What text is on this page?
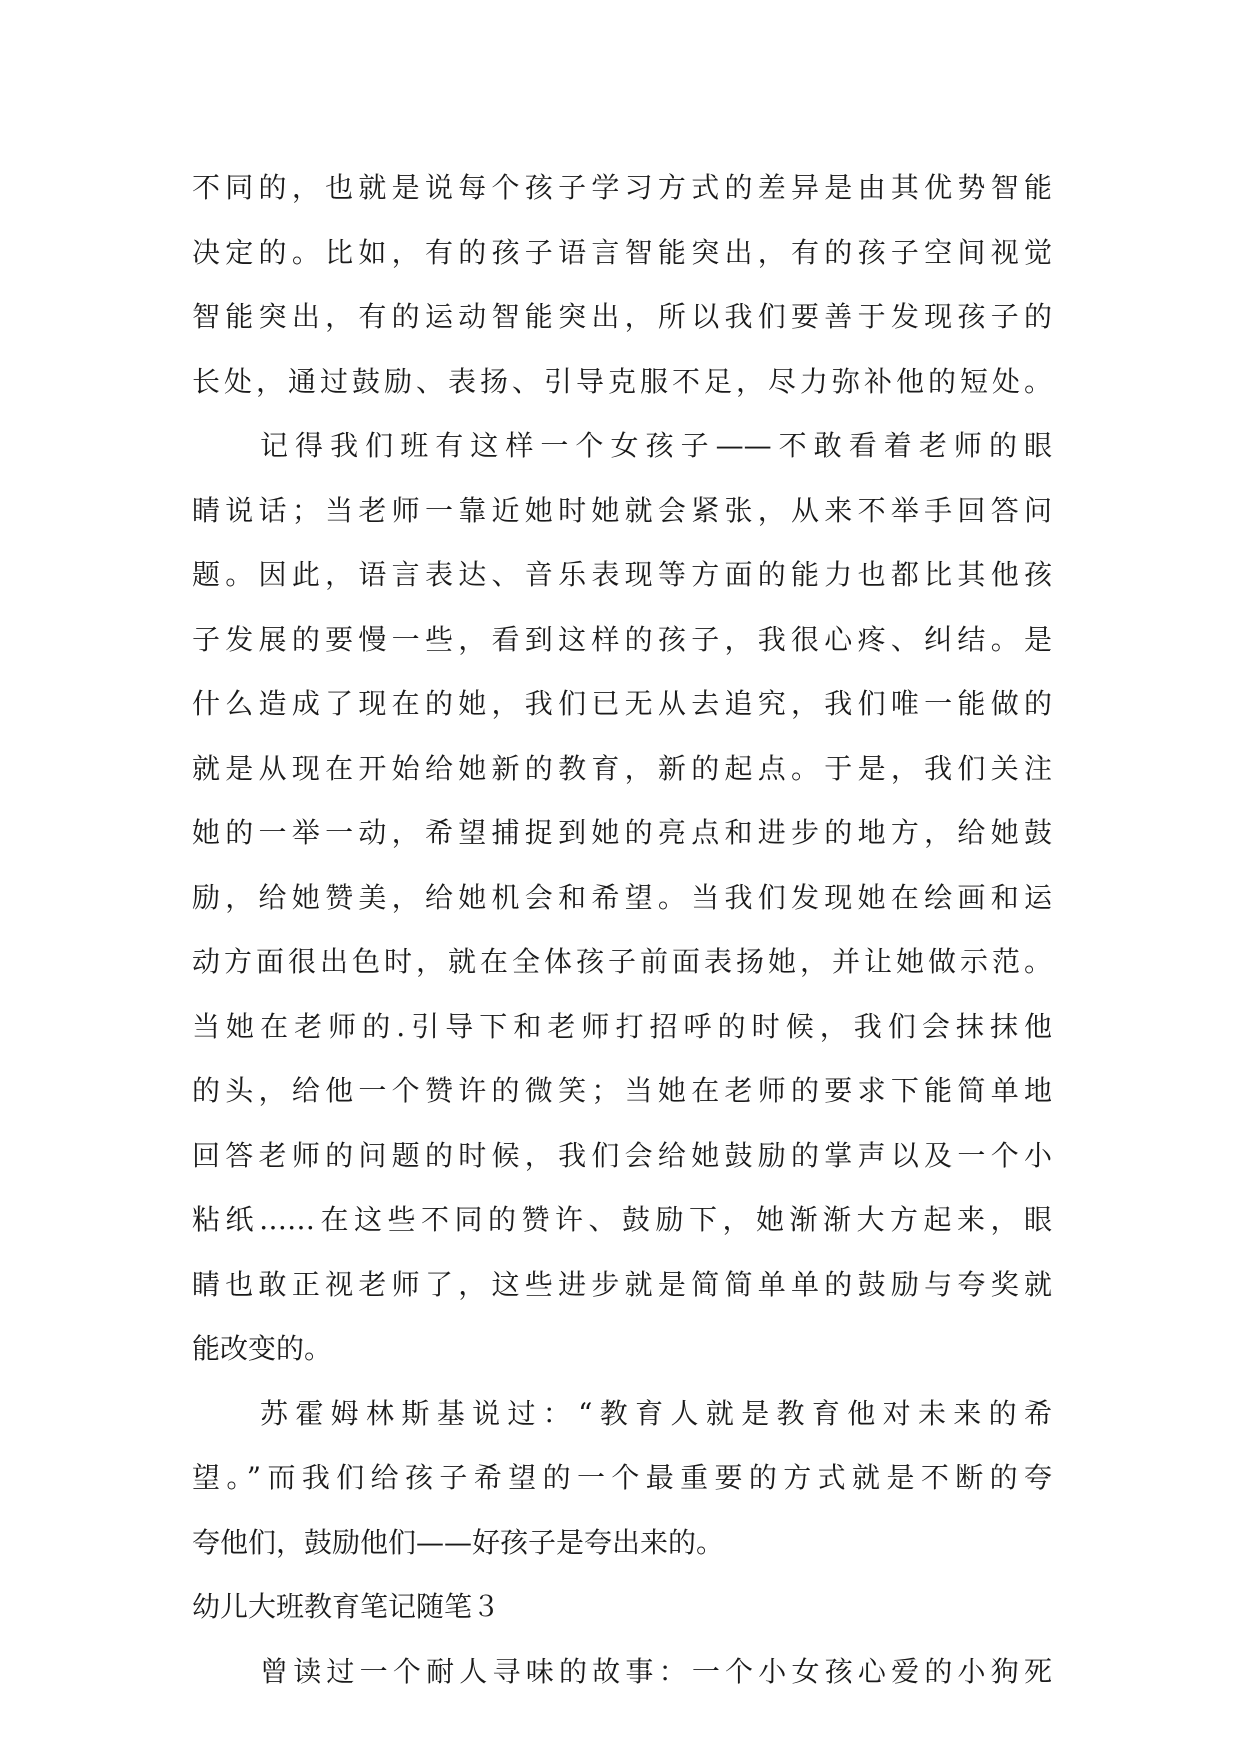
不同的，也就是说每个孩子学习方式的差异是由其优势智能
决定的。比如，有的孩子语言智能突出，有的孩子空间视觉
智能突出，有的运动智能突出，所以我们要善于发现孩子的
长处，通过鼓励、表扬、引导克服不足，尽力弥补他的短处。
记得我们班有这样一个女孩子——不敢看着老师的眼
睛说话；当老师一靠近她时她就会紧张，从来不举手回答问
题。因此，语言表达、音乐表现等方面的能力也都比其他孩
子发展的要慢一些，看到这样的孩子，我很心疼、纠结。是
什么造成了现在的她，我们已无从去追究，我们唯一能做的
就是从现在开始给她新的教育，新的起点。于是，我们关注
她的一举一动，希望捕捉到她的亮点和进步的地方，给她鼓
励，给她赞美，给她机会和希望。当我们发现她在绘画和运
动方面很出色时，就在全体孩子前面表扬她，并让她做示范。
当她在老师的.引导下和老师打招呼的时候，我们会抹抹他
的头，给他一个赞许的微笑；当她在老师的要求下能简单地
回答老师的问题的时候，我们会给她鼓励的掌声以及一个小
粘纸……在这些不同的赞许、鼓励下，她渐渐大方起来，眼
睛也敢正视老师了，这些进步就是简简单单的鼓励与夸奖就
能改变的。
苏霍姆林斯基说过：“教育人就是教育他对未来的希
望。”而我们给孩子希望的一个最重要的方式就是不断的夸
夸他们，鼓励他们——好孩子是夸出来的。
幼儿大班教育笔记随笔３
曾读过一个耐人寻味的故事：一个小女孩心爱的小狗死
